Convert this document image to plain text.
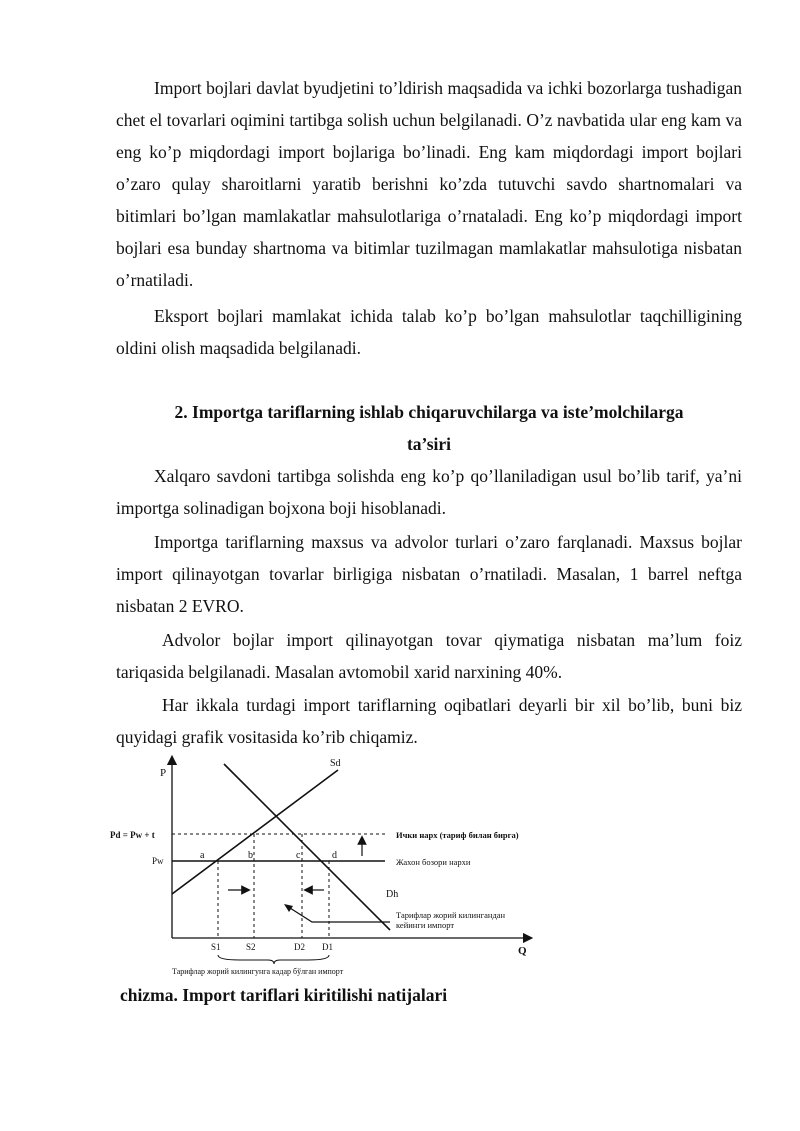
Import bojlari davlat byudjetini to’ldirish maqsadida va ichki bozorlarga tushadigan chet el tovarlari oqimini tartibga solish uchun belgilanadi. O’z navbatida ular eng kam va eng ko’p miqdordagi import bojlariga bo’linadi. Eng kam miqdordagi import bojlari o’zaro qulay sharoitlarni yaratib berishni ko’zda tutuvchi savdo shartnomalari va bitimlari bo’lgan mamlakatlar mahsulotlariga o’rnataladi. Eng ko’p miqdordagi import bojlari esa bunday shartnoma va bitimlar tuzilmagan mamlakatlar mahsulotiga nisbatan o’rnatiladi.

Eksport bojlari mamlakat ichida talab ko’p bo’lgan mahsulotlar taqchilligining oldini olish maqsadida belgilanadi.

2. Importga tariflarning ishlab chiqaruvchilarga va iste’molchilarga

ta’siri

Xalqaro savdoni tartibga solishda eng ko’p qo’llaniladigan usul bo’lib tarif, ya’ni importga solinadigan bojxona boji hisoblanadi.

Importga tariflarning maxsus va advolor turlari o’zaro farqlanadi. Maxsus bojlar import qilinayotgan tovarlar birligiga nisbatan o’rnatiladi. Masalan, 1 barrel neftga nisbatan 2 EVRO.

Advolor bojlar import qilinayotgan tovar qiymatiga nisbatan ma’lum foiz tariqasida belgilanadi. Masalan avtomobil xarid narxining 40%.

Har ikkala turdagi import tariflarning oqibatlari deyarli bir xil bo’lib, buni biz quyidagi grafik vositasida ko’rib chiqamiz.

P
Q
Sd
Dh
Pd = Pw + t
Pw	a	b	c	d
S1	S2	D2 D1
Тарифлар жорий килингунга кадар бўлган импорт
Ички нарх (тариф билан бирга)
Жахон бозори нархи
Тарифлар жорий килингандан
кейинги импорт
chizma. Import tariflari kiritilishi natijalari
